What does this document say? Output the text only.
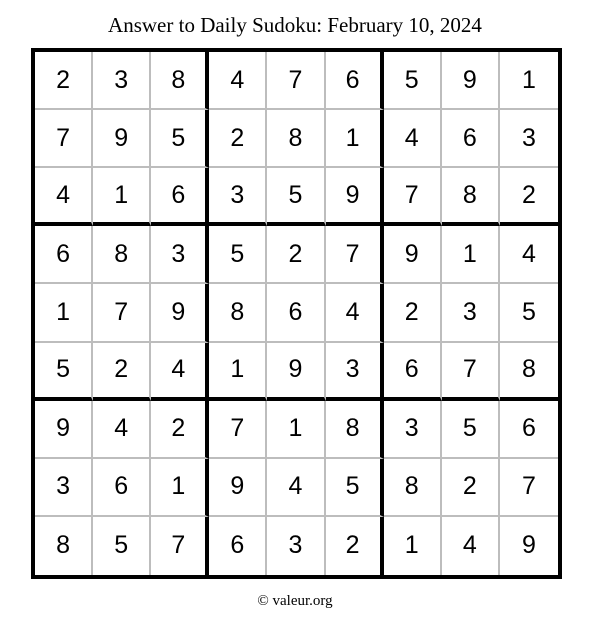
Answer to Daily Sudoku: February 10, 2024
2	3	8	4	7	6	5	9	1
7	9	5	2	8	1	4	6	3
4	1	6	3	5	9	7	8	2
6	8	3	5	2	7	9	1	4
1	7	9	8	6	4	2	3	5
5	2	4	1	9	3	6	7	8
9	4	2	7	1	8	3	5	6
3	6	1	9	4	5	8	2	7
8	5	7	6	3	2	1	4	9
© valeur.org
